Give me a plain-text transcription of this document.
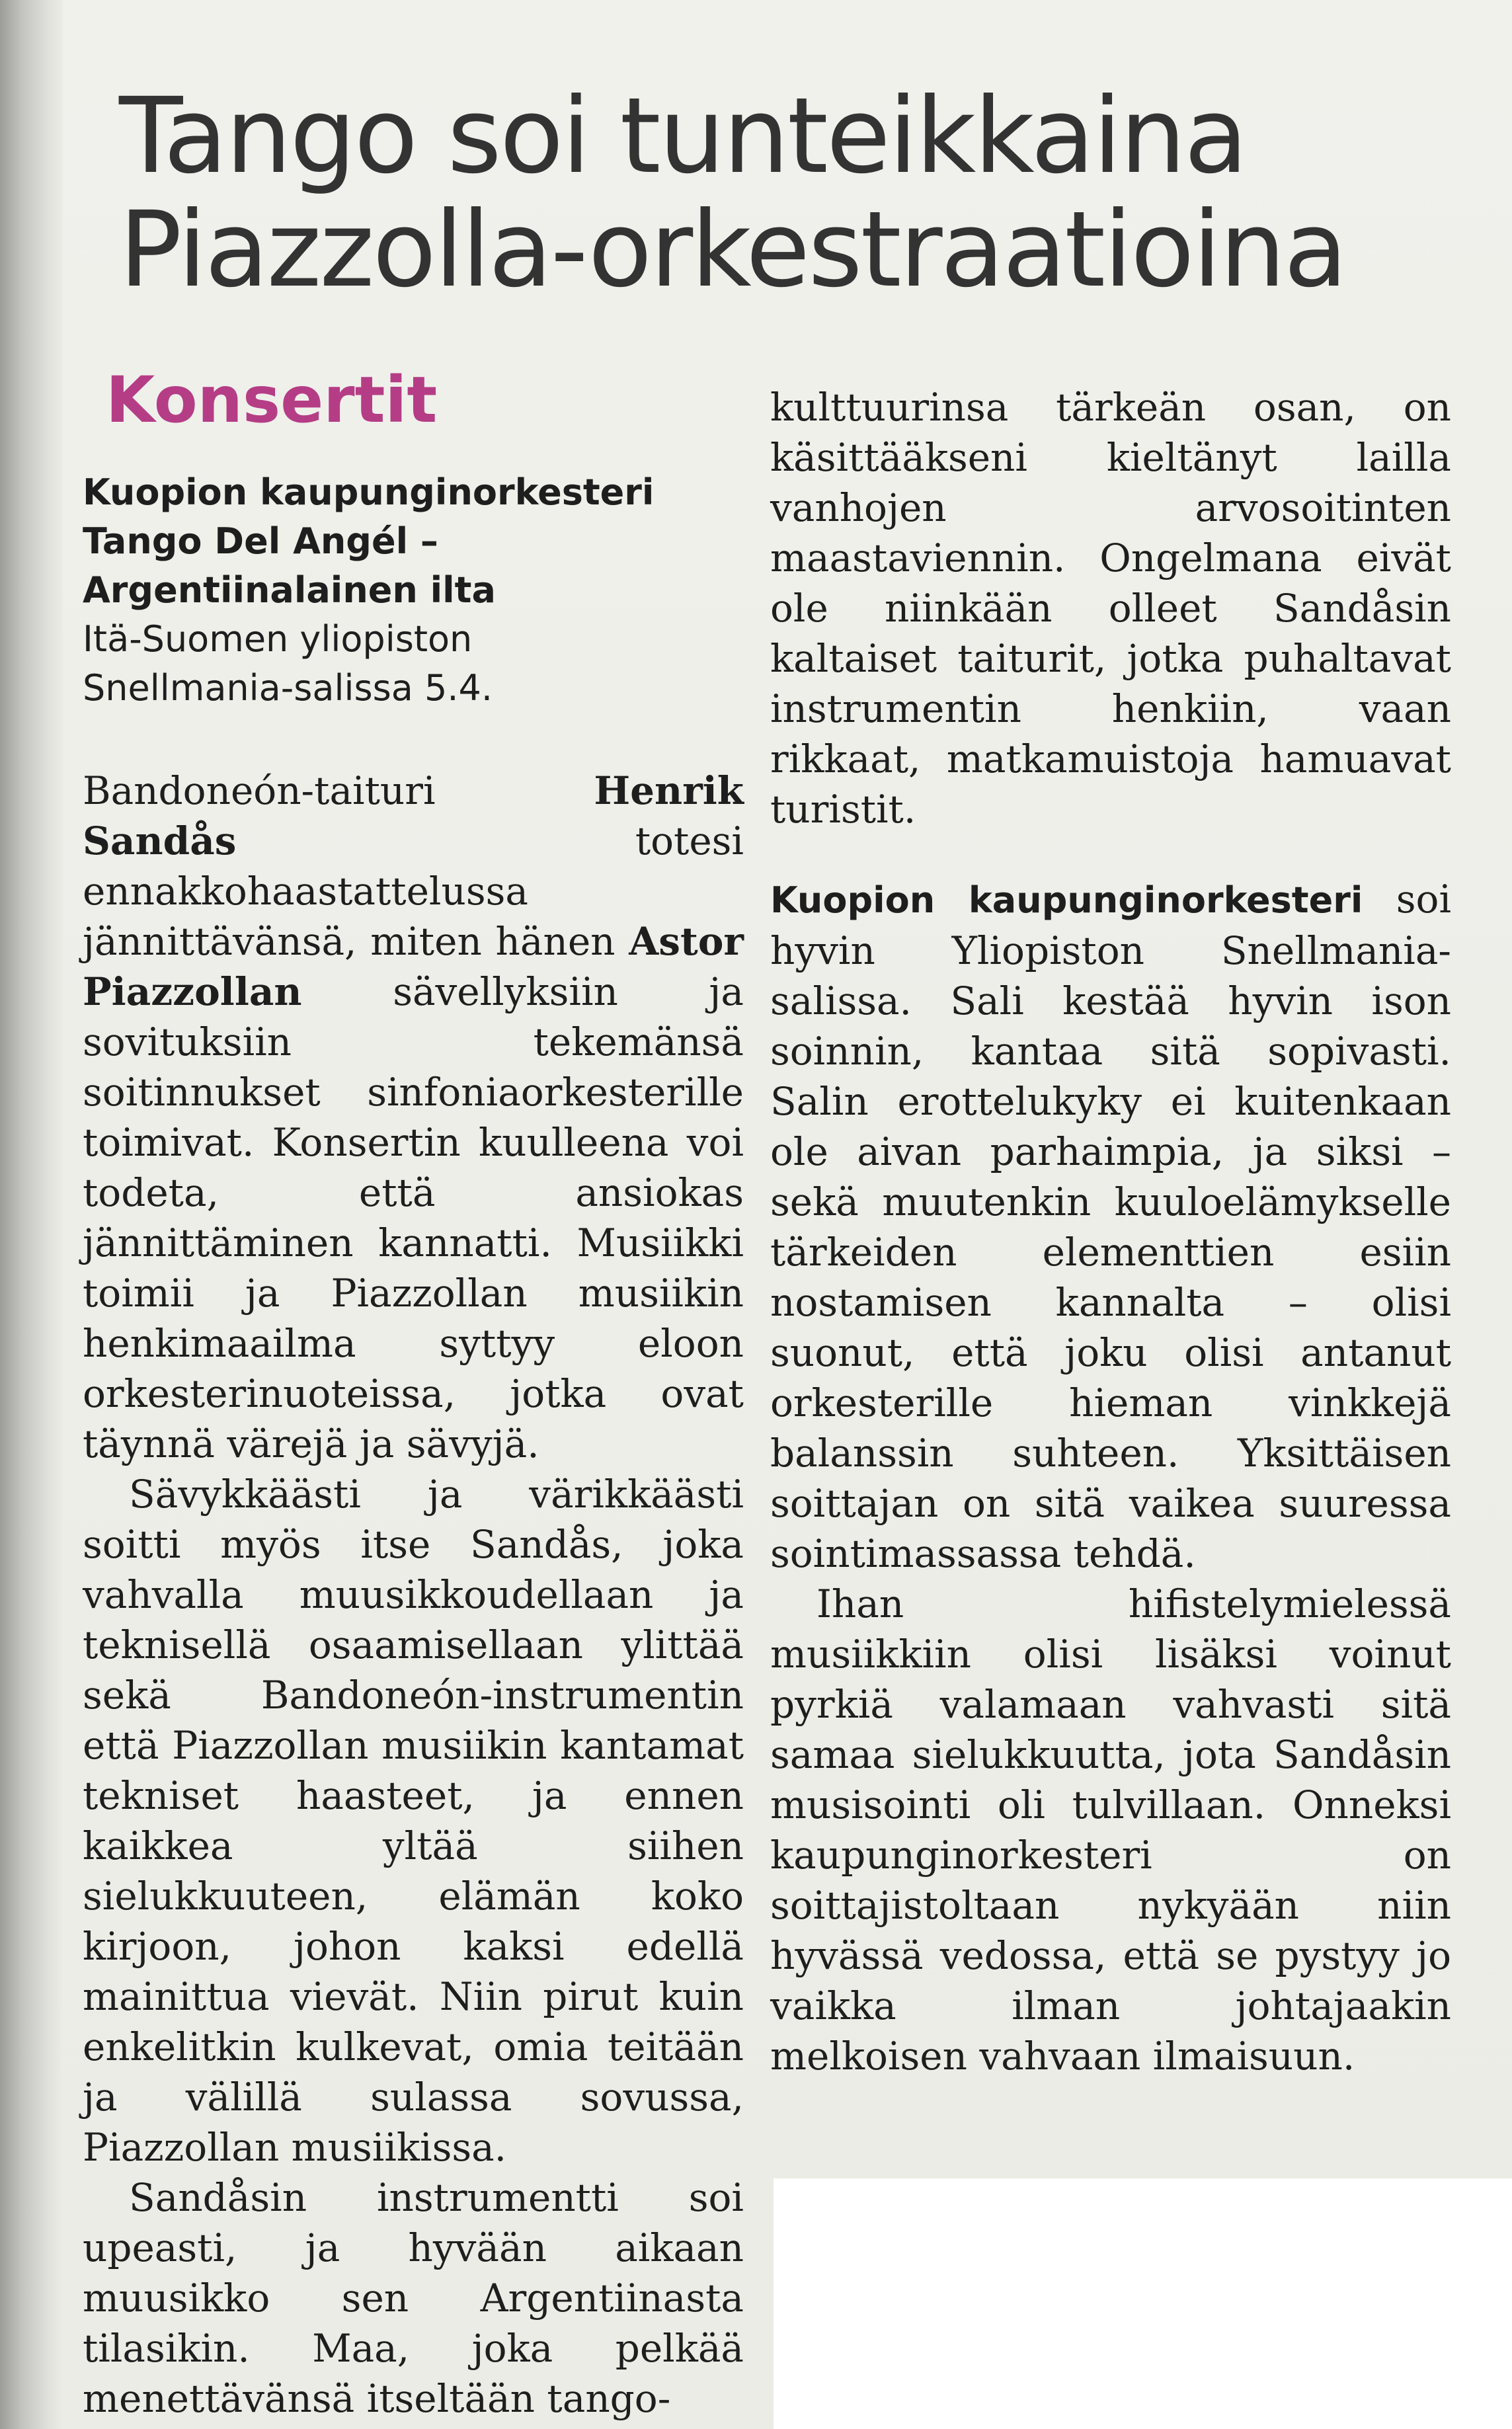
Tango soi tunteikkaina
Piazzolla-orkestraatioina
Konsertit

Kuopion kaupunginorkesteri
Tango Del Angél –
Argentiinalainen ilta
Itä-Suomen yliopiston
Snellmania-salissa 5.4.

Bandoneón-taituri	Henrik Sandås	totesi ennakkohaastattelussa jännittävänsä, miten hänen Astor Piazzollan sävellyksiin ja sovituksiin tekemänsä soitinnukset sinfoniaorkesterille toimivat. Konsertin kuulleena voi todeta, että ansiokas jännittäminen kannatti. Musiikki toimii ja Piazzollan musiikin henkimaailma syttyy eloon orkesterinuoteissa, jotka ovat täynnä värejä ja sävyjä.

Sävykkäästi ja värikkäästi soitti myös itse Sandås, joka vahvalla muusikkoudellaan ja teknisellä osaamisellaan ylittää sekä Bandoneón-instrumentin että Piazzollan musiikin kantamat tekniset haasteet, ja ennen kaikkea yltää siihen sielukkuuteen, elämän koko kirjoon, johon kaksi edellä mainittua vievät. Niin pirut kuin enkelitkin kulkevat, omia teitään ja välillä sulassa sovussa, Piazzollan musiikissa.

Sandåsin instrumentti soi upeasti, ja hyvään aikaan muusikko sen Argentiinasta tilasikin. Maa, joka pelkää menettävänsä itseltään tango-

kulttuurinsa tärkeän osan, on käsittääkseni kieltänyt lailla vanhojen arvosoitinten maastaviennin. Ongelmana eivät ole niinkään olleet Sandåsin kaltaiset taiturit, jotka puhaltavat instrumentin henkiin, vaan rikkaat, matkamuistoja hamuavat turistit.

Kuopion kaupunginorkesteri soi hyvin Yliopiston Snellmania-salissa. Sali kestää hyvin ison soinnin, kantaa sitä sopivasti. Salin erottelukyky ei kuitenkaan ole aivan parhaimpia, ja siksi – sekä muutenkin kuuloelämykselle tärkeiden elementtien esiin nostamisen kannalta – olisi suonut, että joku olisi antanut orkesterille hieman vinkkejä balanssin suhteen. Yksittäisen soittajan on sitä vaikea suuressa sointimassassa tehdä.

Ihan hifistelymielessä musiikkiin olisi lisäksi voinut pyrkiä valamaan vahvasti sitä samaa sielukkuutta, jota Sandåsin musisointi oli tulvillaan. Onneksi kaupunginorkesteri on soittajistoltaan nykyään niin hyvässä vedossa, että se pystyy jo vaikka ilman johtajaakin melkoisen vahvaan ilmaisuun.
